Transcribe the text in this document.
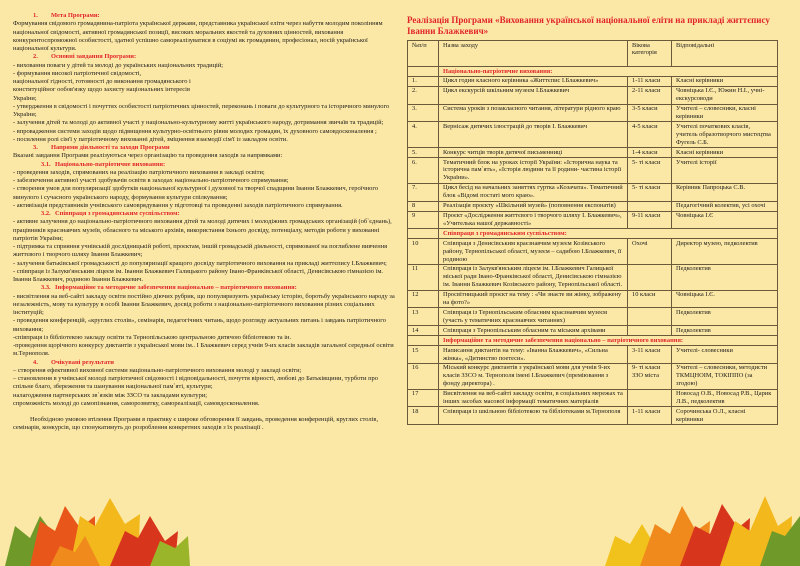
1. Мета Програми:

Формування свідомого громадянина-патріота української держави, представника української еліти через набуття молодим поколінням національної свідомості, активної громадянської позиції, високих моральних якостей та духовних цінностей, виховання конкурентоспроможної особистості, здатної успішно самореалізуватися в соціумі як громадянин, професіонал, носій української національної культури.

2. Основні завдання Програми:

- виховання поваги у дітей та молоді до українських національних традицій;

- формування високої патріотичної свідомості,

національної гідності, готовності до виконання громадянського і

конституційног ообов'язку щодо захисту національних інтересів

України;

- утвердження в свідомості і почуттях особистості патріотичних цінностей, переконань і поваги до культурного та історичного минулого України;

- залучення дітей та молоді до активної участі у національно-культурному житті українського народу, дотримання звичаїв та традицій;

- впровадження системи заходів щодо підвищення культурно-освітнього рівня молодих громадян, їх духовного самовдосконалення ;

- посилення ролі сім'ї у патріотичному вихованні дітей, зміцнення взаємодії сім'ї із закладом освіти.

3. Напрями діяльності та заходи Програми

Вказані завдання Програми реалізуються через організацію та проведення заходів за напрямками:

3.1. Національно-патріотичне виховання:

- проведення заходів, спрямованих на реалізацію патріотичного виховання в закладі освіти;

- забезпечення активної участі здобувачів освіти в заходах національно-патріотичного спрямування;

- створення умов для популяризації здобутків національної культурної і духовної та творчої спадщини Іванни Блажкевич, героїчного минулого і сучасного українського народу, формування культури спілкування;

- активізація представників учнівського самоврядування у підготовці та проведенні заходів патріотичного спрямування.

3.2. Співпраця з громадянським суспільством:

- активне залучення до національно-патріотичного виховання дітей та молоді дитячих і молодіжних громадських організацій (об`єднань), працівників краєзнавчих музеїв, обласного та міського архівів, використання їхнього досвіду, потенціалу, методів роботи у вихованні патріотів України;

- підтримка та сприяння учнівській дослідницькій роботі, проєктам, іншій громадській діяльності, спрямованої на поглиблене вивчення життєвого і творчого шляху Іванни Блажкевич;

- залучення батьківської громадськості до популяризації кращого досвіду патріотичного виховання на прикладі життєпису І.Блажкевич;

- співпраця із Залукв'янським ліцеєм ім. Іванни Блажкевич Галицького району Івано-Франківської області, Денисівською гімназією ім. Іванни Блажкевич, родиною Іванни Блажкевич.

3.3. Інформаційне та методичне забезпечення національно – патріотичного виховання:

- висвітлення на веб-сайті закладу освіти постійно діючих рубрик, що популяризують українську історію, боротьбу українського народу за незалежність, мову та культуру в особі Іванни Блажкевич, досвід роботи з національно-патріотичного виховання різних соціальних інституцій;

- проведення конференцій, «круглих столів», семінарів, педагогічних читань, щодо розгляду актуальних питань і завдань патріотичного виховання;

-співпраця із бібліотекою закладу освіти та Тернопільською центральною дитячою бібліотекою та ін.

-проведення щорічного конкурсу диктантів з української мови ім.. І Блажкевич серед учнів 9-их класів закладів загальної середньої освіти м.Тернополя.

4. Очікувані результати

– створення ефективної виховної системи національно-патріотичного виховання молоді у закладі освіти;

– становлення в учнівської молоді патріотичної свідомості і відповідальності, почуття вірності, любові до Батьківщини, турботи про спільне благо, збереження та шанування національної пам`яті, культури;

налагодження партнерських зв`язків між ЗЗСО та закладами культури;

спроможність молоді до самопізнання, саморозвитку, самореалізації, самовдосконалення.

Необхідною умовою втілення Програми в практику є широке обговорення її завдань, проведення конференцій, круглих столів, семінарів, конкурсів, що спонукатимуть до розроблення конкретних заходів з їх реалізації .

Реалізація Програми «Виховання української національної еліти на прикладі життєпису Іванни Блажкевич»
№п/п	Назва заходу	Вікова категорія	Відповідальні
	Національно-патріотичне виховання:		
1.	Цикл годин класного керівника «Життєпис І.Блажкевич»	1-11 класи	Класні керівники
2.	Цикл екскурсій шкільним музеєм І.Блажкевич	2-11 класи	Човніцька І.Є., Южин Н.І., учні- екскурсоводи
3.	Система уроків з позакласного читання, літератури рідного краю	3-5 класи	Учителі – словесники, класні керівники
4.	Вернісаж дитячих ілюстрацій до творів І. Блажкевич	4-5 класи	Учителі початкових класів, учитель образотворчого мистецтва Фугель С.Б.
5.	Конкурс читців творів дитячої письменниці	1-4 класи	Класні керівники
6.	Тематичний блок на уроках історії України: «Історична наука та історична пам`ять», «Історія людини та її родини- частина історії України».	5- ті класи	Учителі історії
7.	Цикл бесід на начальних заняттях гуртка «Козачата». Тематичний блок «Відомі постаті мого краю».	5- ті класи	Керівник Папроцька С.В.
8	Реалізація проєкту «Шкільний музей» (поповнення експонатів)		Педагогічний колектив, усі охочі
9	Проєкт «Дослідження життєвого і творчого шляху І. Блажкевич», «Учителька нашої державності»	9-11 класи	Човніцька І.Є
	Співпраця з громадянським суспільством:		
10	Співпраця з Денисівським краєзнавчим музеєм Козівського району, Тернопільської області, музеєм – садибою І.Блажкевич, її родиною	Охочі	Директор музею, педколектив
11	Співпраця із Залукв'янським ліцеєм ім. І.Блажкевич Галицької міської ради Івано-Франківської області, Денисівською гімназією ім. Іванни Блажкевич Козівського району, Тернопільської області.		Педколектив
12	Просвітницький проєкт на тему : «Чи знаєте ви жінку, зображену на фото?»	10 класи	Човніцька І.Є.
13	Співпраця із Тернопільським обласним краєзнавчим музеєм (участь у тематичних краєзнавчих читаннях)		Педколектив
14	Співпраця з Тернопільським обласним та міським архівами		Педколектив
	Інформаційне та методичне забезпечення національно – патріотичного виховання:		
15	Написання диктантів на тему: «Іванна Блажкевич», «Сильна жінка», «Дитинство поетеси».	3-11 класи	Учителі- словесники
16	Міський конкурс диктантів з української мови для учнів 9-их класів ЗЗСО м. Тернополя імені І.Блажкевич (преміювання з фонду директора) .	9- ті класи ЗЗО міста	Учителі – словесники, методисти ТКМЦНОІМ, ТОКІППО (за згодою)
17	Висвітлення на веб-сайті закладу освіти, в соціальних мережах та інших засобах масової інформації тематичних матеріалів		Новосад О.В., Новосад Р.В., Царик Л.В., педколектив
18	Співпраця із шкільною бібліотекою та бібліотеками м.Тернополя	1-11 класи	Сорочинська О.Л., класні керівники
